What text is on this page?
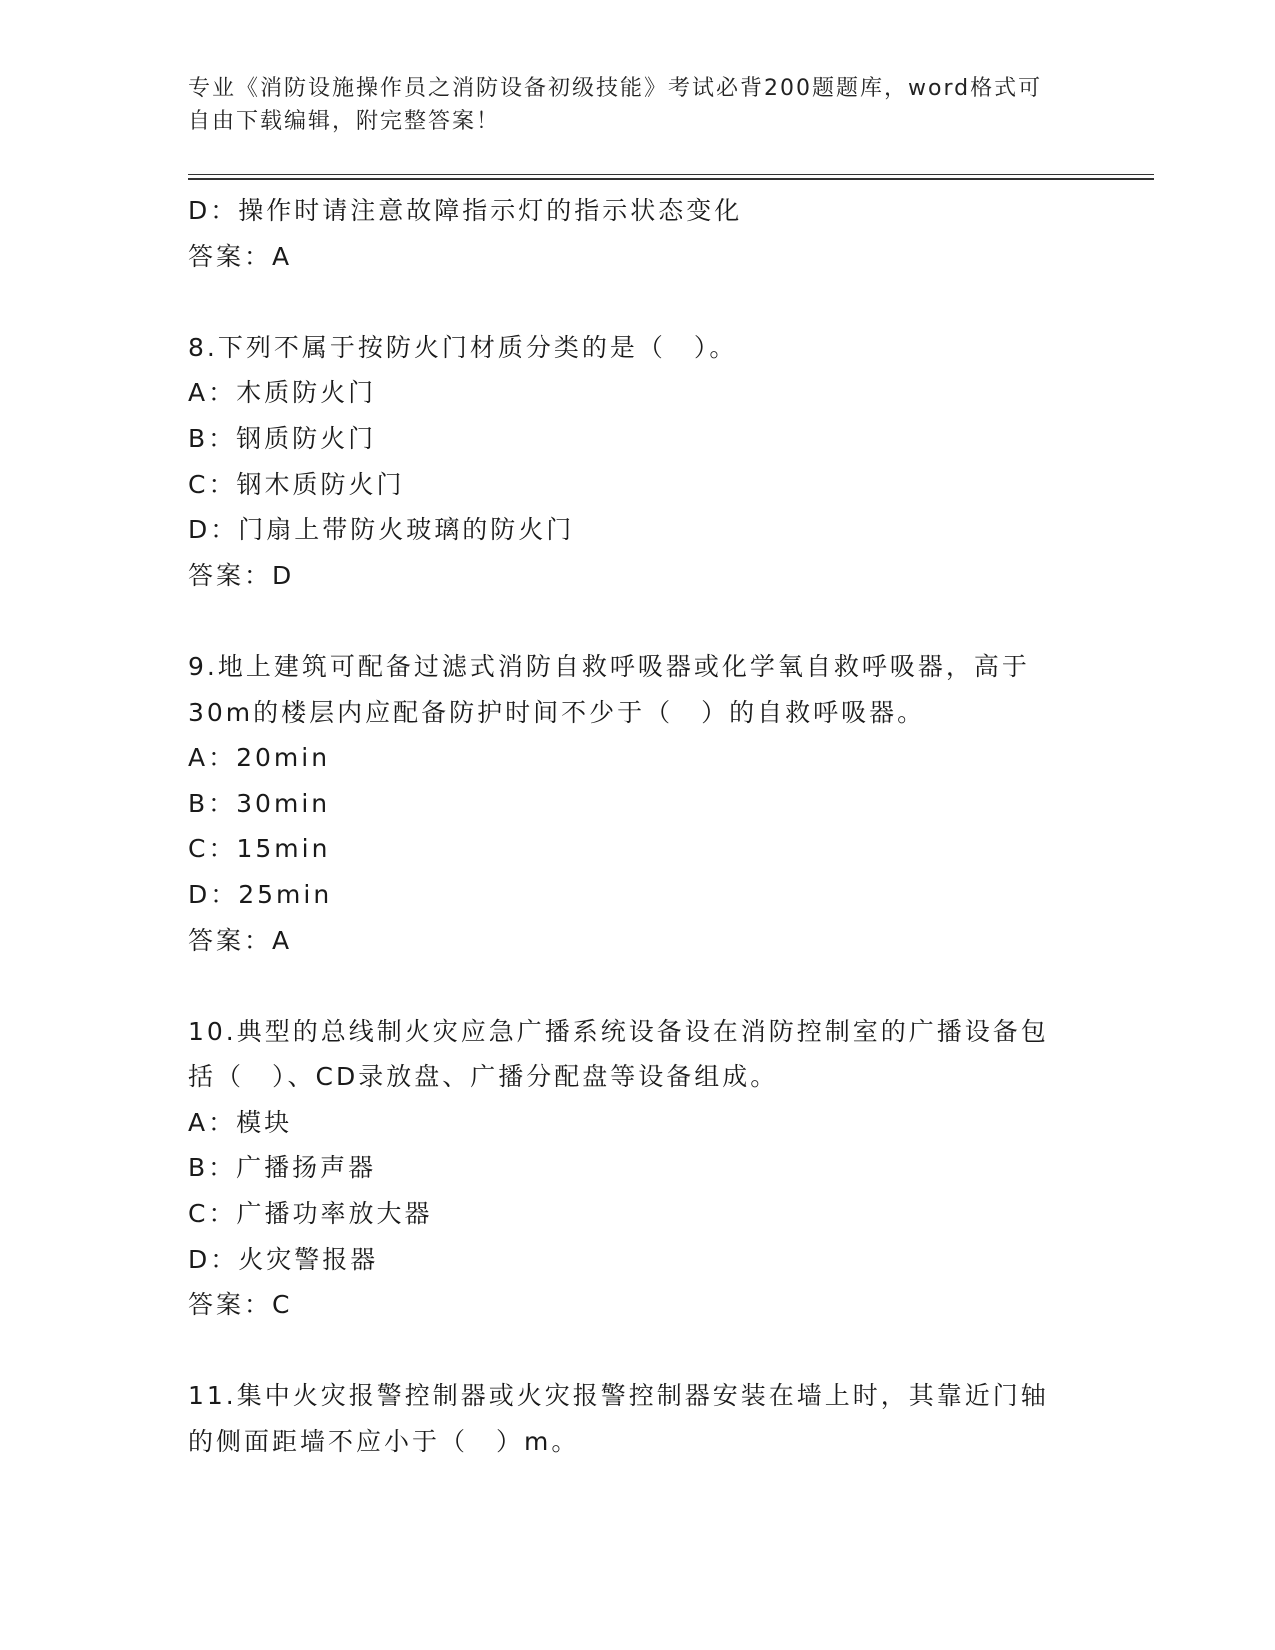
专业《消防设施操作员之消防设备初级技能》考试必背200题题库，word格式可
自由下载编辑，附完整答案！
D：操作时请注意故障指示灯的指示状态变化
答案：A
8.下列不属于按防火门材质分类的是（　）。
A：木质防火门
B：钢质防火门
C：钢木质防火门
D：门扇上带防火玻璃的防火门
答案：D
9.地上建筑可配备过滤式消防自救呼吸器或化学氧自救呼吸器，高于
30m的楼层内应配备防护时间不少于（　）的自救呼吸器。
A：20min
B：30min
C：15min
D：25min
答案：A
10.典型的总线制火灾应急广播系统设备设在消防控制室的广播设备包
括（　）、CD录放盘、广播分配盘等设备组成。
A：模块
B：广播扬声器
C：广播功率放大器
D：火灾警报器
答案：C
11.集中火灾报警控制器或火灾报警控制器安装在墙上时，其靠近门轴
的侧面距墙不应小于（　）m。
